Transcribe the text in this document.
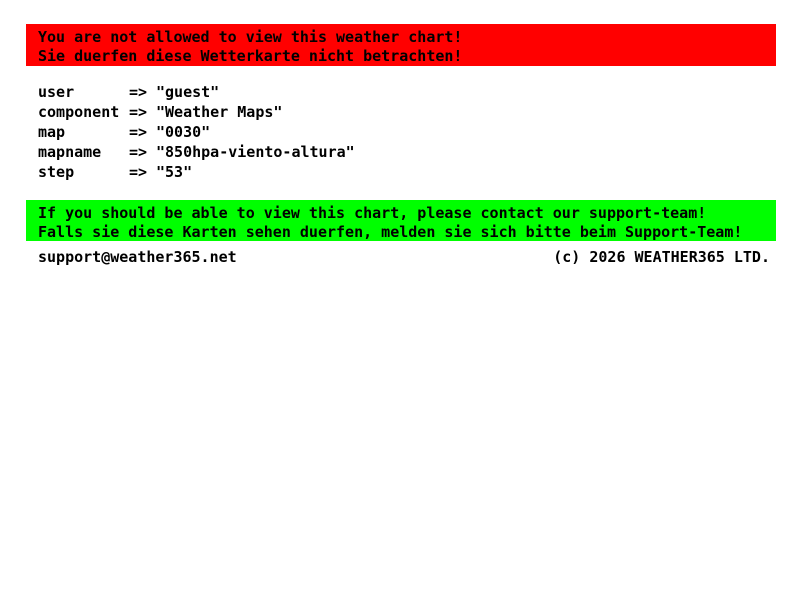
You are not allowed to view this weather chart!
Sie duerfen diese Wetterkarte nicht betrachten!
user	=> "guest"
component => "Weather Maps"
map	=> "0030"
mapname	=> "850hpa-viento-altura"
step	=> "53"
If you should be able to view this chart, please contact our support-team!
Falls sie diese Karten sehen duerfen, melden sie sich bitte beim Support-Team!
support@weather365.net	(c) 2026 WEATHER365 LTD.
